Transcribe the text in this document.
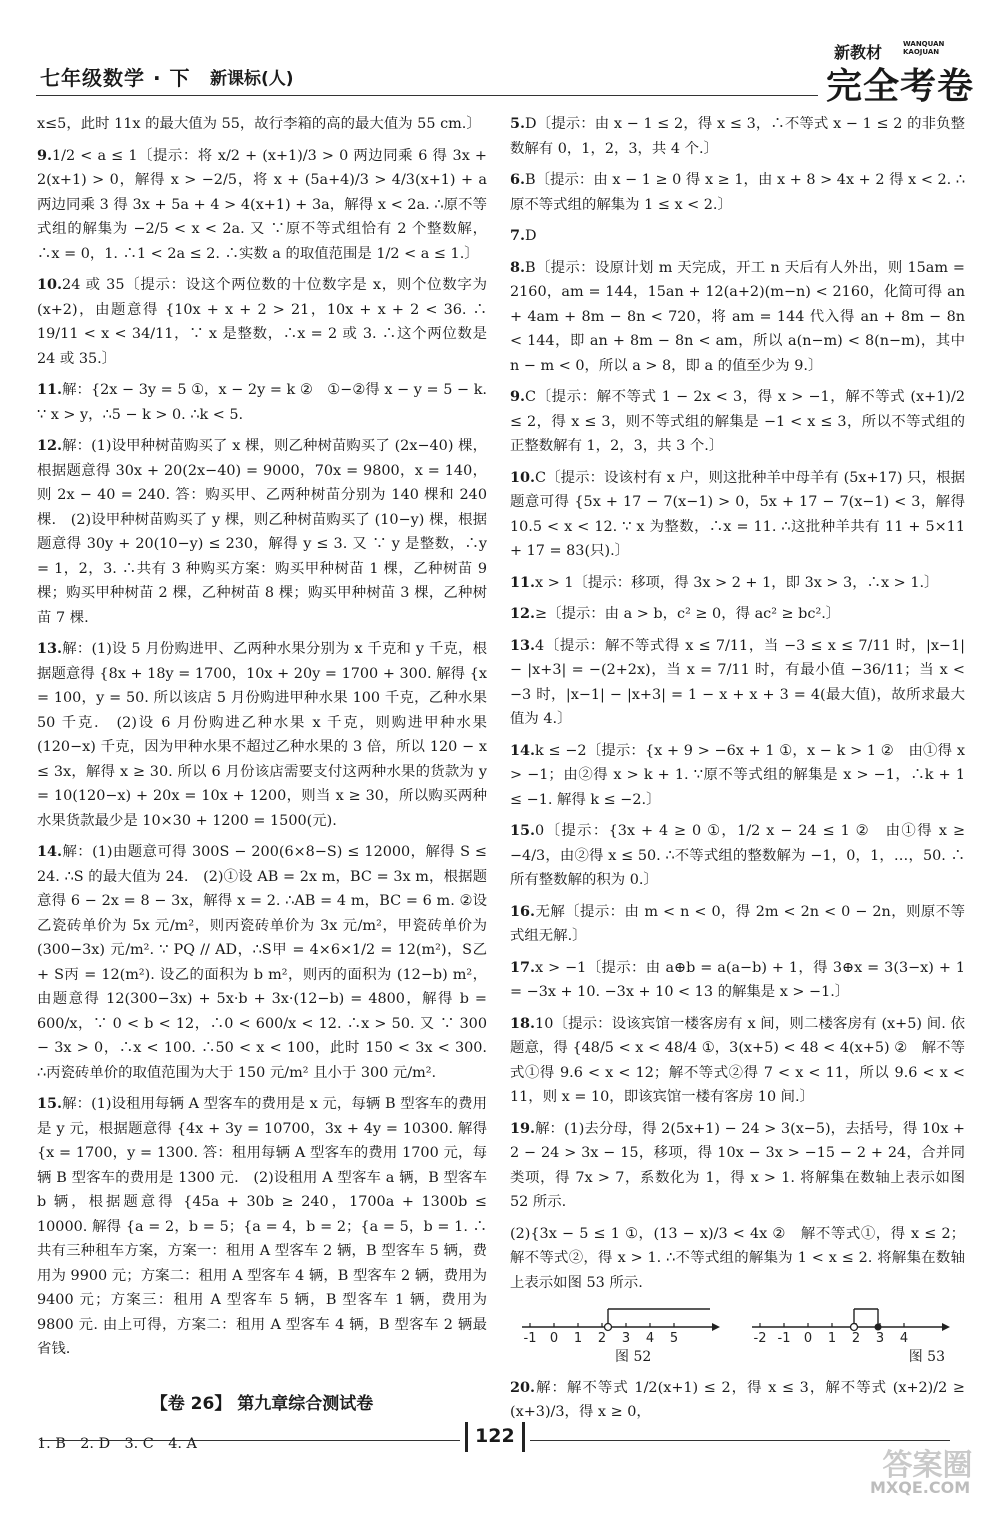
七年级数学 · 下 新课标(人)
新教材	WANQUAN
KAOJUAN
完全考卷

x≤5，此时 11x 的最大值为 55，故行李箱的高的最大值为 55 cm.〕

9.1/2 < a ≤ 1〔提示：将 x/2 + (x+1)/3 > 0 两边同乘 6 得 3x + 2(x+1) > 0，解得 x > −2/5，将 x + (5a+4)/3 > 4/3(x+1) + a 两边同乘 3 得 3x + 5a + 4 > 4(x+1) + 3a，解得 x < 2a. ∴原不等式组的解集为 −2/5 < x < 2a. 又 ∵原不等式组恰有 2 个整数解，∴x = 0，1. ∴1 < 2a ≤ 2. ∴实数 a 的取值范围是 1/2 < a ≤ 1.〕

10.24 或 35〔提示：设这个两位数的十位数字是 x，则个位数字为 (x+2)，由题意得 {10x + x + 2 > 21，10x + x + 2 < 36. ∴ 19/11 < x < 34/11，∵ x 是整数，∴x = 2 或 3. ∴这个两位数是 24 或 35.〕

11.解：{2x − 3y = 5 ①，x − 2y = k ②　①−②得 x − y = 5 − k. ∵ x > y，∴5 − k > 0. ∴k < 5.

12.解：(1)设甲种树苗购买了 x 棵，则乙种树苗购买了 (2x−40) 棵，根据题意得 30x + 20(2x−40) = 9000，70x = 9800，x = 140，则 2x − 40 = 240. 答：购买甲、乙两种树苗分别为 140 棵和 240 棵.　(2)设甲种树苗购买了 y 棵，则乙种树苗购买了 (10−y) 棵，根据题意得 30y + 20(10−y) ≤ 230，解得 y ≤ 3. 又 ∵ y 是整数，∴y = 1，2，3. ∴共有 3 种购买方案：购买甲种树苗 1 棵，乙种树苗 9 棵；购买甲种树苗 2 棵，乙种树苗 8 棵；购买甲种树苗 3 棵，乙种树苗 7 棵.

13.解：(1)设 5 月份购进甲、乙两种水果分别为 x 千克和 y 千克，根据题意得 {8x + 18y = 1700，10x + 20y = 1700 + 300. 解得 {x = 100，y = 50. 所以该店 5 月份购进甲种水果 100 千克，乙种水果 50 千克.　(2)设 6 月份购进乙种水果 x 千克，则购进甲种水果 (120−x) 千克，因为甲种水果不超过乙种水果的 3 倍，所以 120 − x ≤ 3x，解得 x ≥ 30. 所以 6 月份该店需要支付这两种水果的货款为 y = 10(120−x) + 20x = 10x + 1200，则当 x ≥ 30，所以购买两种水果货款最少是 10×30 + 1200 = 1500(元).

14.解：(1)由题意可得 300S − 200(6×8−S) ≤ 12000，解得 S ≤ 24. ∴S 的最大值为 24.　(2)①设 AB = 2x m，BC = 3x m，根据题意得 6 − 2x = 8 − 3x，解得 x = 2. ∴AB = 4 m，BC = 6 m. ②设乙瓷砖单价为 5x 元/m²，则丙瓷砖单价为 3x 元/m²，甲瓷砖单价为 (300−3x) 元/m². ∵ PQ // AD，∴S甲 = 4×6×1/2 = 12(m²)，S乙 + S丙 = 12(m²). 设乙的面积为 b m²，则丙的面积为 (12−b) m²，由题意得 12(300−3x) + 5x·b + 3x·(12−b) = 4800，解得 b = 600/x，∵ 0 < b < 12，∴0 < 600/x < 12. ∴x > 50. 又 ∵ 300 − 3x > 0，∴x < 100. ∴50 < x < 100，此时 150 < 3x < 300. ∴丙瓷砖单价的取值范围为大于 150 元/m² 且小于 300 元/m².

15.解：(1)设租用每辆 A 型客车的费用是 x 元，每辆 B 型客车的费用是 y 元，根据题意得 {4x + 3y = 10700，3x + 4y = 10300. 解得 {x = 1700，y = 1300. 答：租用每辆 A 型客车的费用 1700 元，每辆 B 型客车的费用是 1300 元.　(2)设租用 A 型客车 a 辆，B 型客车 b 辆，根据题意得 {45a + 30b ≥ 240，1700a + 1300b ≤ 10000. 解得 {a = 2，b = 5；{a = 4，b = 2；{a = 5，b = 1. ∴共有三种租车方案，方案一：租用 A 型客车 2 辆，B 型客车 5 辆，费用为 9900 元；方案二：租用 A 型客车 4 辆，B 型客车 2 辆，费用为 9400 元；方案三：租用 A 型客车 5 辆，B 型客车 1 辆，费用为 9800 元. 由上可得，方案二：租用 A 型客车 4 辆，B 型客车 2 辆最省钱.

【卷 26】 第九章综合测试卷

1. B　2. D　3. C　4. A

5.D〔提示：由 x − 1 ≤ 2，得 x ≤ 3，∴不等式 x − 1 ≤ 2 的非负整数解有 0，1，2，3，共 4 个.〕

6.B〔提示：由 x − 1 ≥ 0 得 x ≥ 1，由 x + 8 > 4x + 2 得 x < 2. ∴原不等式组的解集为 1 ≤ x < 2.〕

7.D

8.B〔提示：设原计划 m 天完成，开工 n 天后有人外出，则 15am = 2160，am = 144，15an + 12(a+2)(m−n) < 2160，化简可得 an + 4am + 8m − 8n < 720，将 am = 144 代入得 an + 8m − 8n < 144，即 an + 8m − 8n < am，所以 a(n−m) < 8(n−m)，其中 n − m < 0，所以 a > 8，即 a 的值至少为 9.〕

9.C〔提示：解不等式 1 − 2x < 3，得 x > −1，解不等式 (x+1)/2 ≤ 2，得 x ≤ 3，则不等式组的解集是 −1 < x ≤ 3，所以不等式组的正整数解有 1，2，3，共 3 个.〕

10.C〔提示：设该村有 x 户，则这批种羊中母羊有 (5x+17) 只，根据题意可得 {5x + 17 − 7(x−1) > 0，5x + 17 − 7(x−1) < 3，解得 10.5 < x < 12. ∵ x 为整数，∴x = 11. ∴这批种羊共有 11 + 5×11 + 17 = 83(只).〕

11.x > 1〔提示：移项，得 3x > 2 + 1，即 3x > 3，∴x > 1.〕

12.≥〔提示：由 a > b，c² ≥ 0，得 ac² ≥ bc².〕

13.4〔提示：解不等式得 x ≤ 7/11，当 −3 ≤ x ≤ 7/11 时，|x−1| − |x+3| = −(2+2x)，当 x = 7/11 时，有最小值 −36/11；当 x < −3 时，|x−1| − |x+3| = 1 − x + x + 3 = 4(最大值)，故所求最大值为 4.〕

14.k ≤ −2〔提示：{x + 9 > −6x + 1 ①，x − k > 1 ②　由①得 x > −1；由②得 x > k + 1. ∵原不等式组的解集是 x > −1，∴k + 1 ≤ −1. 解得 k ≤ −2.〕

15.0〔提示：{3x + 4 ≥ 0 ①，1/2 x − 24 ≤ 1 ②　由①得 x ≥ −4/3，由②得 x ≤ 50. ∴不等式组的整数解为 −1，0，1，…，50. ∴所有整数解的积为 0.〕

16.无解〔提示：由 m < n < 0，得 2m < 2n < 0 − 2n，则原不等式组无解.〕

17.x > −1〔提示：由 a⊕b = a(a−b) + 1，得 3⊕x = 3(3−x) + 1 = −3x + 10. −3x + 10 < 13 的解集是 x > −1.〕

18.10〔提示：设该宾馆一楼客房有 x 间，则二楼客房有 (x+5) 间. 依题意，得 {48/5 < x < 48/4 ①，3(x+5) < 48 < 4(x+5) ②　解不等式①得 9.6 < x < 12；解不等式②得 7 < x < 11，所以 9.6 < x < 11，则 x = 10，即该宾馆一楼有客房 10 间.〕

19.解：(1)去分母，得 2(5x+1) − 24 > 3(x−5)，去括号，得 10x + 2 − 24 > 3x − 15，移项，得 10x − 3x > −15 − 2 + 24，合并同类项，得 7x > 7，系数化为 1，得 x > 1. 将解集在数轴上表示如图 52 所示.

(2){3x − 5 ≤ 1 ①，(13 − x)/3 < 4x ②　解不等式①，得 x ≤ 2；解不等式②，得 x > 1. ∴不等式组的解集为 1 < x ≤ 2. 将解集在数轴上表示如图 53 所示.

-1 0 1 2 3 4 5	-2 -1 0 1 2 3 4
图 52	图 53

20.解：解不等式 1/2(x+1) ≤ 2，得 x ≤ 3，解不等式 (x+2)/2 ≥ (x+3)/3，得 x ≥ 0，

122
答案圈
MXQE.COM
